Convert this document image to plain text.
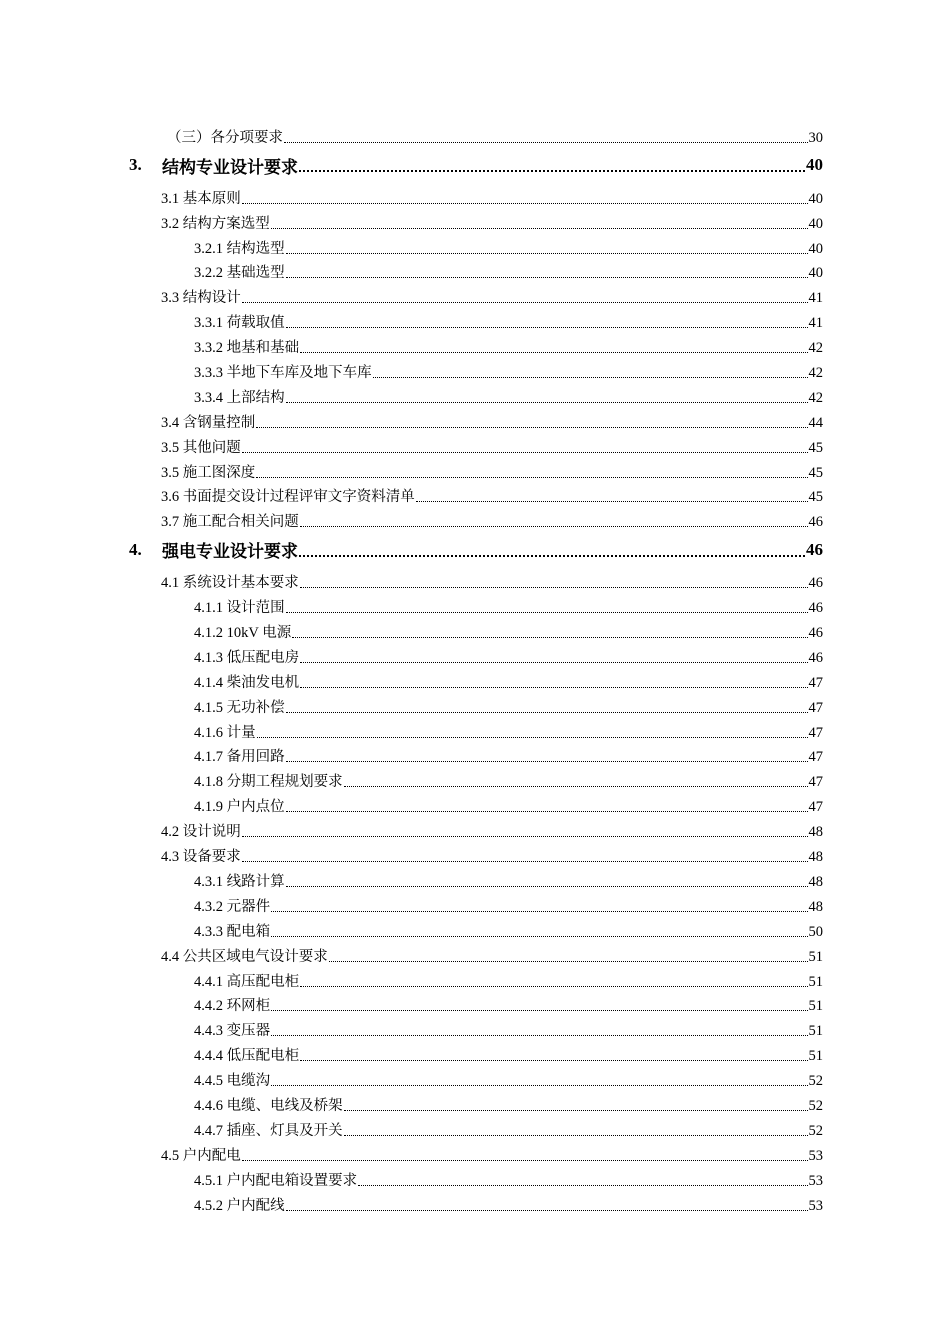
（三）各分项要求	30
3.	结构专业设计要求	40
3.1 基本原则	40
3.2 结构方案选型	40
3.2.1 结构选型	40
3.2.2 基础选型	40
3.3 结构设计	41
3.3.1 荷载取值	41
3.3.2 地基和基础	42
3.3.3 半地下车库及地下车库	42
3.3.4 上部结构	42
3.4 含钢量控制	44
3.5 其他问题	45
3.5 施工图深度	45
3.6 书面提交设计过程评审文字资料清单	45
3.7 施工配合相关问题	46
4.	强电专业设计要求	46
4.1 系统设计基本要求	46
4.1.1 设计范围	46
4.1.2 10kV 电源	46
4.1.3 低压配电房	46
4.1.4 柴油发电机	47
4.1.5 无功补偿	47
4.1.6 计量	47
4.1.7 备用回路	47
4.1.8 分期工程规划要求	47
4.1.9 户内点位	47
4.2 设计说明	48
4.3 设备要求	48
4.3.1 线路计算	48
4.3.2 元器件	48
4.3.3 配电箱	50
4.4 公共区域电气设计要求	51
4.4.1 高压配电柜	51
4.4.2 环网柜	51
4.4.3 变压器	51
4.4.4 低压配电柜	51
4.4.5 电缆沟	52
4.4.6 电缆、电线及桥架	52
4.4.7 插座、灯具及开关	52
4.5 户内配电	53
4.5.1 户内配电箱设置要求	53
4.5.2 户内配线	53
